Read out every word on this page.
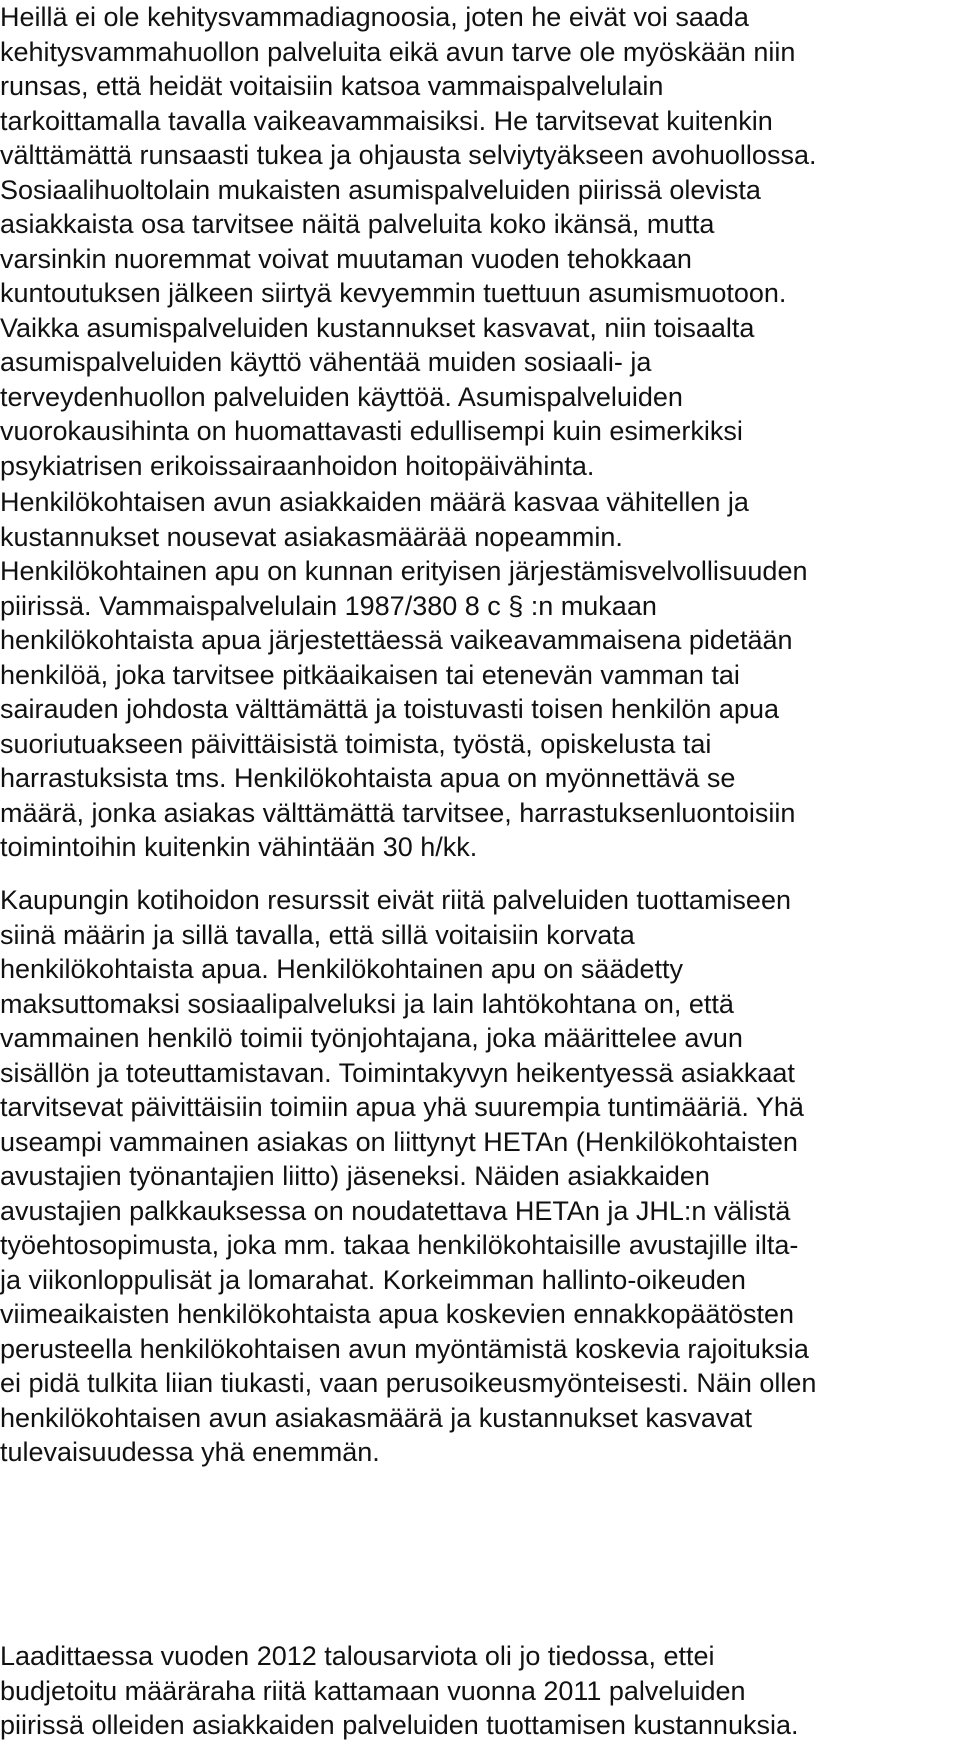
Heillä ei ole kehitysvammadiagnoosia, joten he eivät voi saada
kehitysvammahuollon palveluita eikä avun tarve ole myöskään niin
runsas, että heidät voitaisiin katsoa vammaispalvelulain
tarkoittamalla tavalla vaikeavammaisiksi. He tarvitsevat kuitenkin
välttämättä runsaasti tukea ja ohjausta selviytyäkseen avohuollossa.
Sosiaalihuoltolain mukaisten asumispalveluiden piirissä olevista
asiakkaista osa tarvitsee näitä palveluita koko ikänsä, mutta
varsinkin nuoremmat voivat muutaman vuoden tehokkaan
kuntoutuksen jälkeen siirtyä kevyemmin tuettuun asumismuotoon.
Vaikka asumispalveluiden kustannukset kasvavat, niin toisaalta
asumispalveluiden käyttö vähentää muiden sosiaali- ja
terveydenhuollon palveluiden käyttöä. Asumispalveluiden
vuorokausihinta on huomattavasti edullisempi kuin esimerkiksi
psykiatrisen erikoissairaanhoidon hoitopäivähinta.
Henkilökohtaisen avun asiakkaiden määrä kasvaa vähitellen ja
kustannukset nousevat asiakasmäärää nopeammin.
Henkilökohtainen apu on kunnan erityisen järjestämisvelvollisuuden
piirissä. Vammaispalvelulain 1987/380 8 c § :n mukaan
henkilökohtaista apua järjestettäessä vaikeavammaisena pidetään
henkilöä, joka tarvitsee pitkäaikaisen tai etenevän vamman tai
sairauden johdosta välttämättä ja toistuvasti toisen henkilön apua
suoriutuakseen päivittäisistä toimista, työstä, opiskelusta tai
harrastuksista tms. Henkilökohtaista apua on myönnettävä se
määrä, jonka asiakas välttämättä tarvitsee, harrastuksenluontoisiin
toimintoihin kuitenkin vähintään 30 h/kk.
Kaupungin kotihoidon resurssit eivät riitä palveluiden tuottamiseen
siinä määrin ja sillä tavalla, että sillä voitaisiin korvata
henkilökohtaista apua. Henkilökohtainen apu on säädetty
maksuttomaksi sosiaalipalveluksi ja lain lahtökohtana on, että
vammainen henkilö toimii työnjohtajana, joka määrittelee avun
sisällön ja toteuttamistavan. Toimintakyvyn heikentyessä asiakkaat
tarvitsevat päivittäisiin toimiin apua yhä suurempia tuntimääriä. Yhä
useampi vammainen asiakas on liittynyt HETAn (Henkilökohtaisten
avustajien työnantajien liitto) jäseneksi. Näiden asiakkaiden
avustajien palkkauksessa on noudatettava HETAn ja JHL:n välistä
työehtosopimusta, joka mm. takaa henkilökohtaisille avustajille ilta-
ja viikonloppulisät ja lomarahat. Korkeimman hallinto-oikeuden
viimeaikaisten henkilökohtaista apua koskevien ennakkopäätösten
perusteella henkilökohtaisen avun myöntämistä koskevia rajoituksia
ei pidä tulkita liian tiukasti, vaan perusoikeusmyönteisesti. Näin ollen
henkilökohtaisen avun asiakasmäärä ja kustannukset kasvavat
tulevaisuudessa yhä enemmän.
Laadittaessa vuoden 2012 talousarviota oli jo tiedossa, ettei
budjetoitu määräraha riitä kattamaan vuonna 2011 palveluiden
piirissä olleiden asiakkaiden palveluiden tuottamisen kustannuksia.
